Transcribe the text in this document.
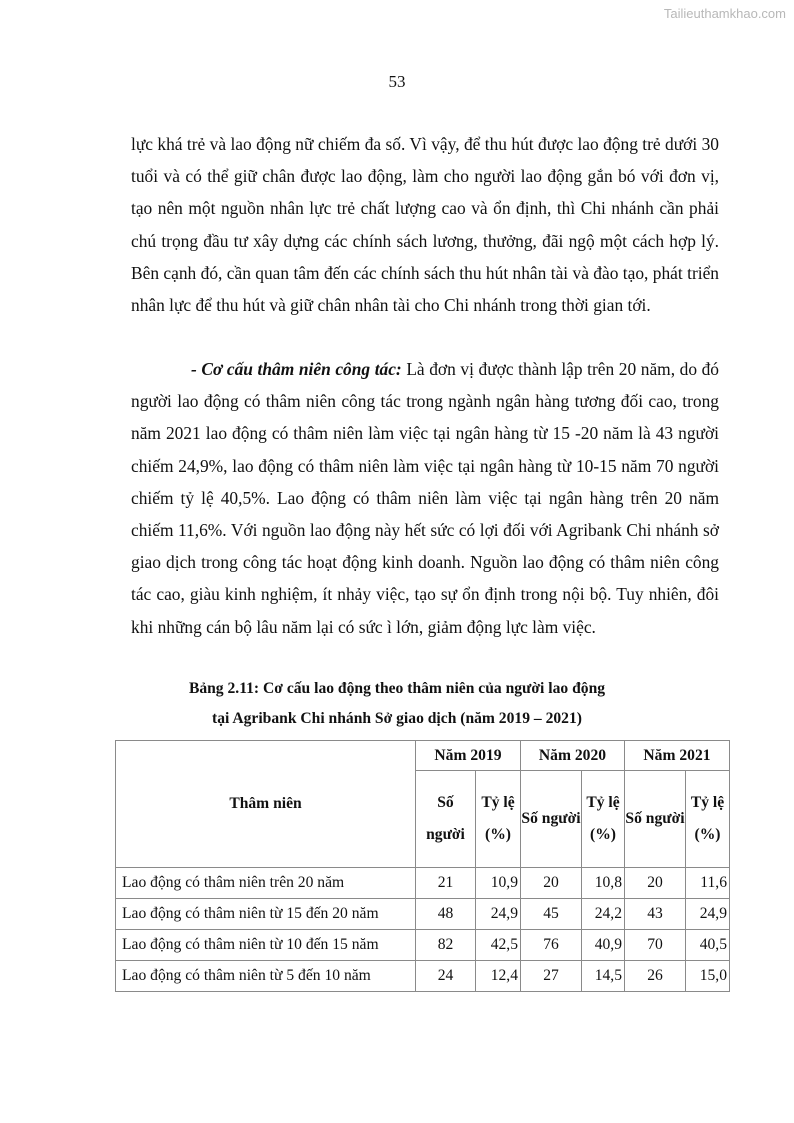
Tailieuthamkhao.com
53

lực khá trẻ và lao động nữ chiếm đa số. Vì vậy, để thu hút được lao động trẻ dưới 30 tuổi và có thể giữ chân được lao động, làm cho người lao động gắn bó với đơn vị, tạo nên một nguồn nhân lực trẻ chất lượng cao và ổn định, thì Chi nhánh cần phải chú trọng đầu tư xây dựng các chính sách lương, thưởng, đãi ngộ một cách hợp lý. Bên cạnh đó, cần quan tâm đến các chính sách thu hút nhân tài và đào tạo, phát triển nhân lực để thu hút và giữ chân nhân tài cho Chi nhánh trong thời gian tới.

- Cơ cấu thâm niên công tác: Là đơn vị được thành lập trên 20 năm, do đó người lao động có thâm niên công tác trong ngành ngân hàng tương đối cao, trong năm 2021 lao động có thâm niên làm việc tại ngân hàng từ 15 -20 năm là 43 người chiếm 24,9%, lao động có thâm niên làm việc tại ngân hàng từ 10-15 năm 70 người chiếm tỷ lệ 40,5%. Lao động có thâm niên làm việc tại ngân hàng trên 20 năm chiếm 11,6%. Với nguồn lao động này hết sức có lợi đối với Agribank Chi nhánh sở giao dịch trong công tác hoạt động kinh doanh. Nguồn lao động có thâm niên công tác cao, giàu kinh nghiệm, ít nhảy việc, tạo sự ổn định trong nội bộ. Tuy nhiên, đôi khi những cán bộ lâu năm lại có sức ì lớn, giảm động lực làm việc.

Bảng 2.11: Cơ cấu lao động theo thâm niên của người lao động
tại Agribank Chi nhánh Sở giao dịch (năm 2019 – 2021)
Thâm niên	Năm 2019		Năm 2020		Năm 2021	
	Số người	Tỷ lệ (%)	Số người	Tỷ lệ (%)	Số người	Tỷ lệ (%)
Lao động có thâm niên trên 20 năm	21	10,9	20	10,8	20	11,6
Lao động có thâm niên từ 15 đến 20 năm	48	24,9	45	24,2	43	24,9
Lao động có thâm niên từ 10 đến 15 năm	82	42,5	76	40,9	70	40,5
Lao động có thâm niên từ 5 đến 10 năm	24	12,4	27	14,5	26	15,0
